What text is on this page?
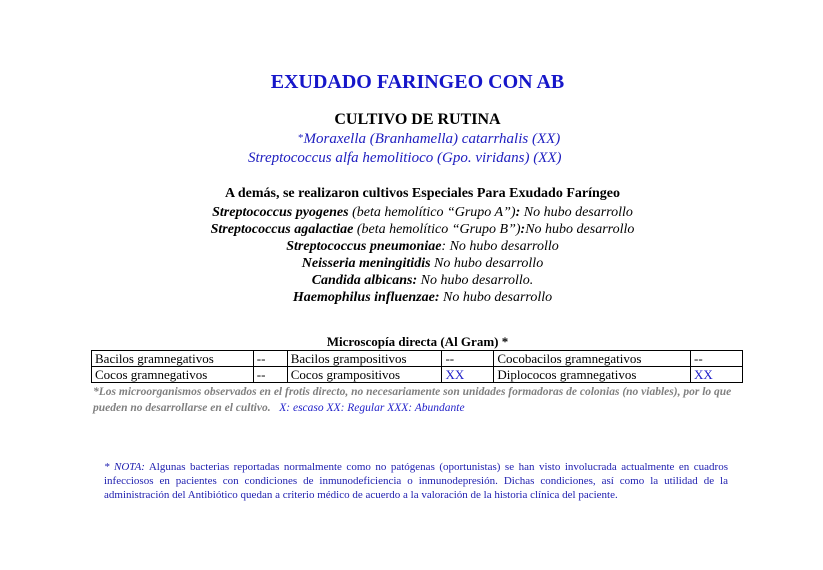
EXUDADO FARINGEO CON AB
CULTIVO DE RUTINA
*Moraxella (Branhamella) catarrhalis (XX)
Streptococcus alfa hemolitioco (Gpo. viridans) (XX)
A demás, se realizaron cultivos Especiales Para Exudado Faríngeo
Streptococcus pyogenes (beta hemolítico “Grupo A”): No hubo desarrollo
Streptococcus agalactiae (beta hemolítico “Grupo B”):No hubo desarrollo
Streptococcus pneumoniae: No hubo desarrollo
Neisseria meningitidis No hubo desarrollo
Candida albicans: No hubo desarrollo.
Haemophilus influenzae: No hubo desarrollo
Microscopía directa (Al Gram) *
Bacilos gramnegativos	--	Bacilos grampositivos	--	Cocobacilos gramnegativos	--
Cocos gramnegativos	--	Cocos grampositivos	XX	Diplococos gramnegativos	XX
*Los microorganismos observados en el frotis directo, no necesariamente son unidades formadoras de colonias (no viables), por lo que pueden no desarrollarse en el cultivo. X: escaso XX: Regular XXX: Abundante
* NOTA: Algunas bacterias reportadas normalmente como no patógenas (oportunistas) se han visto involucrada actualmente en cuadros infecciosos en pacientes con condiciones de inmunodeficiencia o inmunodepresión. Dichas condiciones, así como la utilidad de la administración del Antibiótico quedan a criterio médico de acuerdo a la valoración de la historia clínica del paciente.
